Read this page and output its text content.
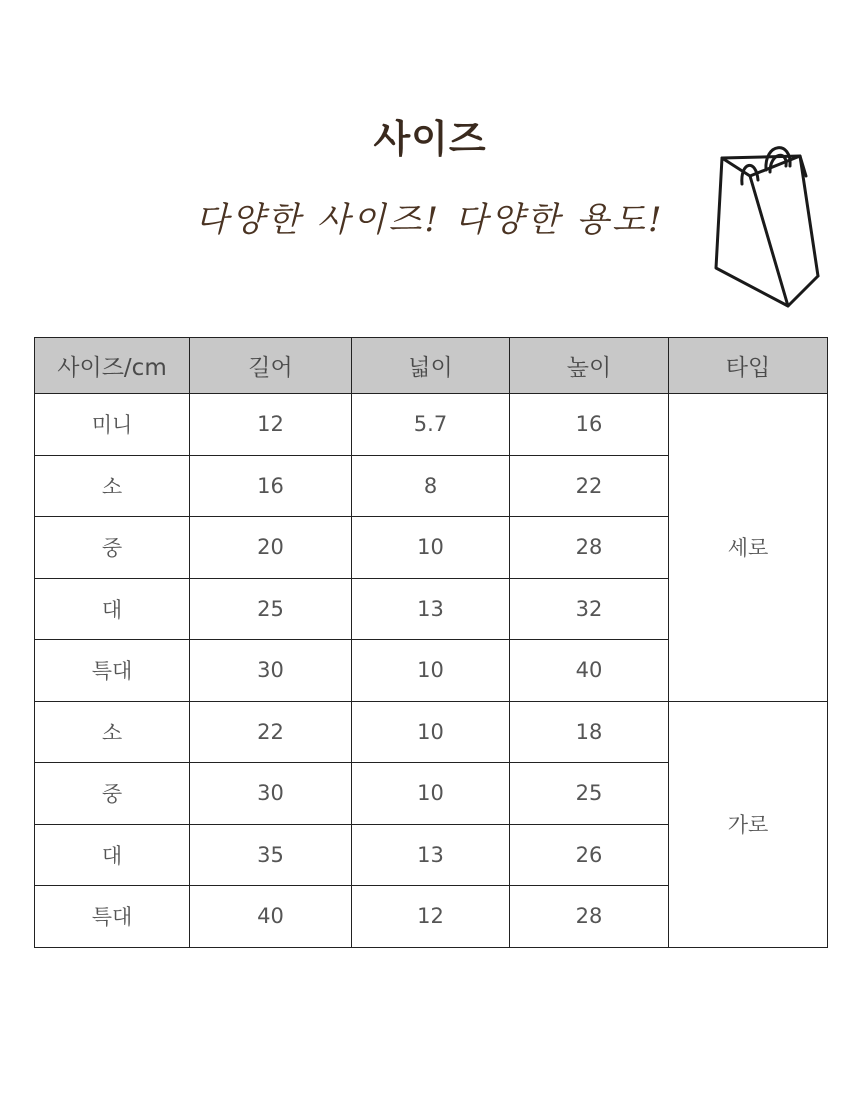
사이즈
다양한 사이즈! 다양한 용도!
사이즈/cm	길어	넓이	높이	타입
미니	12	5.7	16	세로
소	16	8	22	
중	20	10	28	
대	25	13	32	
특대	30	10	40	
소	22	10	18	가로
중	30	10	25	
대	35	13	26	
특대	40	12	28	
